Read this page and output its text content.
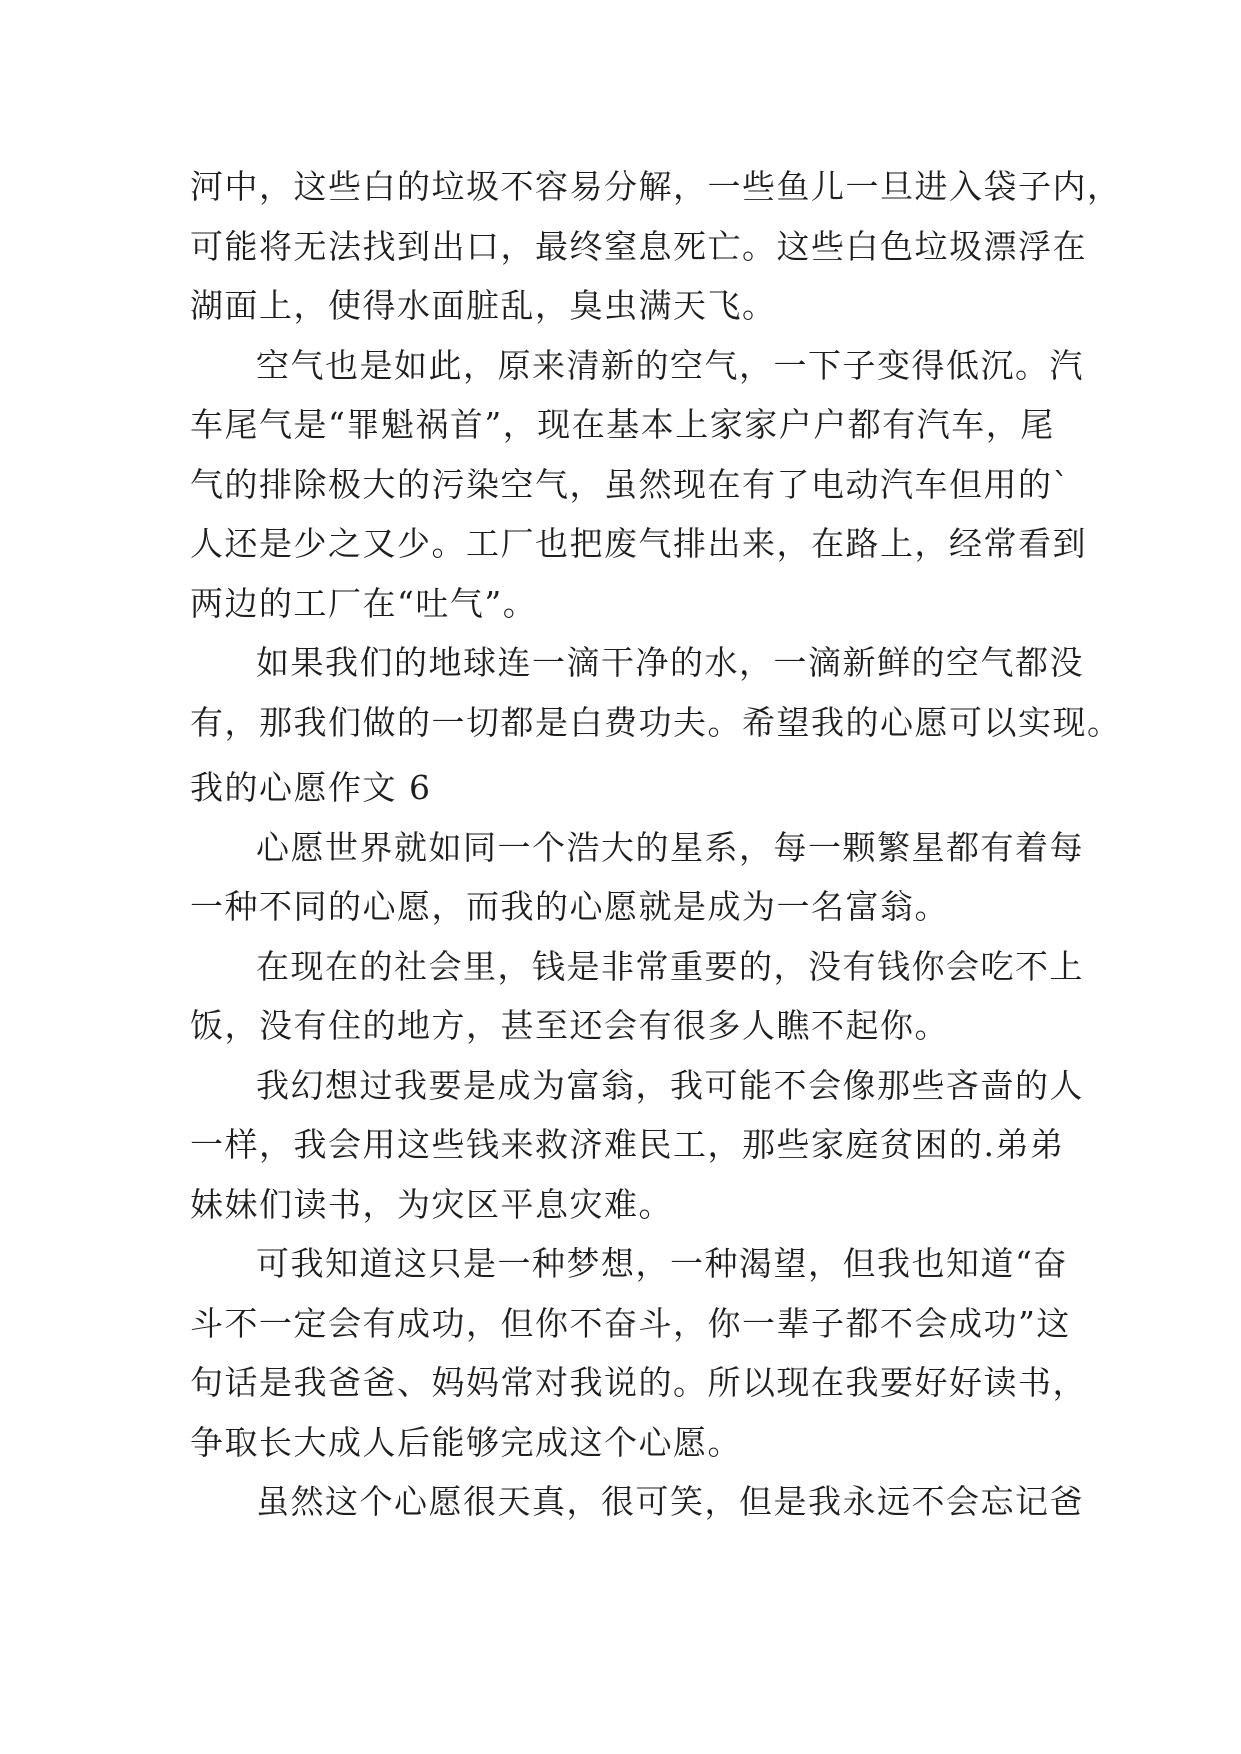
河中，这些白的垃圾不容易分解，一些鱼儿一旦进入袋子内，
可能将无法找到出口，最终窒息死亡。这些白色垃圾漂浮在
湖面上，使得水面脏乱，臭虫满天飞。
空气也是如此，原来清新的空气，一下子变得低沉。汽
车尾气是“罪魁祸首”，现在基本上家家户户都有汽车，尾
气的排除极大的污染空气，虽然现在有了电动汽车但用的`
人还是少之又少。工厂也把废气排出来，在路上，经常看到
两边的工厂在“吐气”。
如果我们的地球连一滴干净的水，一滴新鲜的空气都没
有，那我们做的一切都是白费功夫。希望我的心愿可以实现。
我的心愿作文 6
心愿世界就如同一个浩大的星系，每一颗繁星都有着每
一种不同的心愿，而我的心愿就是成为一名富翁。
在现在的社会里，钱是非常重要的，没有钱你会吃不上
饭，没有住的地方，甚至还会有很多人瞧不起你。
我幻想过我要是成为富翁，我可能不会像那些吝啬的人
一样，我会用这些钱来救济难民工，那些家庭贫困的.弟弟
妹妹们读书，为灾区平息灾难。
可我知道这只是一种梦想，一种渴望，但我也知道“奋
斗不一定会有成功，但你不奋斗，你一辈子都不会成功”这
句话是我爸爸、妈妈常对我说的。所以现在我要好好读书，
争取长大成人后能够完成这个心愿。
虽然这个心愿很天真，很可笑，但是我永远不会忘记爸
